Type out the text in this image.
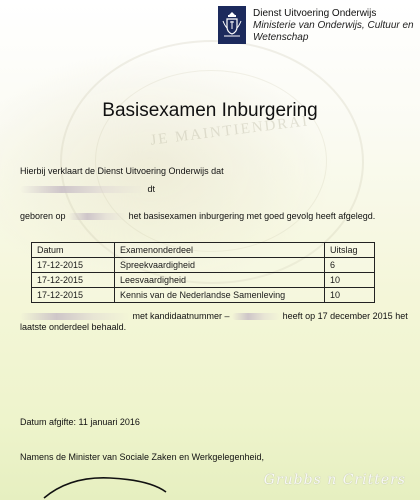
JE MAINTIENDRAI
Dienst Uitvoering Onderwijs
Ministerie van Onderwijs, Cultuur en
Wetenschap
Basisexamen Inburgering
Hierbij verklaart de Dienst Uitvoering Onderwijs dat
dt
geboren op	het basisexamen inburgering met goed gevolg heeft afgelegd.
Datum	Examenonderdeel	Uitslag
17-12-2015	Spreekvaardigheid	6
17-12-2015	Leesvaardigheid	10
17-12-2015	Kennis van de Nederlandse Samenleving	10
met kandidaatnummer –	heeft op 17 december 2015 het
laatste onderdeel behaald.
Datum afgifte: 11 januari 2016
Namens de Minister van Sociale Zaken en Werkgelegenheid,
Grubbs n Critters
